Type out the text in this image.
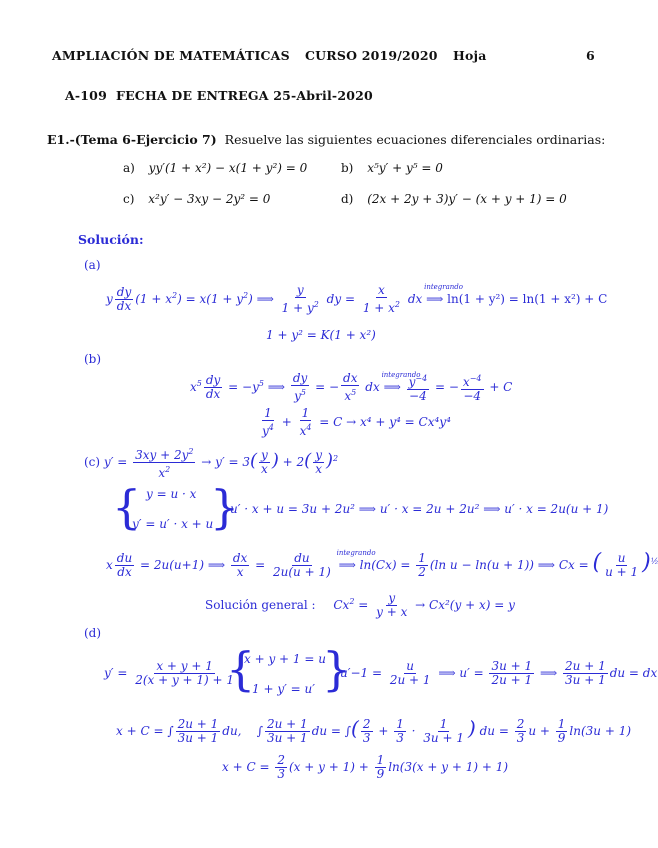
AMPLIACIÓN DE MATEMÁTICAS CURSO 2019/2020 Hoja	6
A-109 FECHA DE ENTREGA 25-Abril-2020
E1.-(Tema 6-Ejercicio 7) Resuelve las siguientes ecuaciones diferenciales ordinarias:
a) yy′(1 + x²) − x(1 + y²) = 0	b) x⁵y′ + y⁵ = 0
c) x²y′ − 3xy − 2y² = 0	d) (2x + 2y + 3)y′ − (x + y + 1) = 0
Solución:
(a)
y $\frac{dy}{dx} (1 + x^2) = x(1 + y^2)$ ⟹ $\frac{y}{1 + y^2}$ dy = $\frac{x}{1 + x^2}$ dx
integrando
⟹ ln(1 + y²) = ln(1 + x²) + C
1 + y² = K(1 + x²)
(b)
$x^5 \frac{dy}{dx} = -y^5$ ⟹ $\frac{dy}{y^5}$ = − $\frac{dx}{x^5}$ dx
integrando
⟹ $\frac{y^{-4}}{-4}$ = − $\frac{x^{-4}}{-4} + C$
$\frac{1}{y^4} + \frac{1}{x^4} = C \to x^4 + y^4 = Cx^4y^4$
(c) $y' = \frac{3xy + 2y^2}{x^2} \to y' = 3( \frac{y}{x}$ ) + $2( \frac{y}{x} )^2$
{ y = u · x
y′ = u′ · x + u
}
u′ · x + u = 3u + 2u² ⟹ u′ · x = 2u + 2u² ⟹ u′ · x = 2u(u + 1)
x $\frac{du}{dx} = 2u(u+1)$ ⟹ $\frac{dx}{x} = \frac{du}{2u(u + 1)}$
integrando
⟹ $\ln(Cx) = \frac{1}{2} (\ln$ u − ln(u + 1)) ⟹ Cx = ( $\frac{u}{u + 1} )^{\frac{1}{2}}$
Solución general : $Cx^2 = \frac{y}{y + x} \to Cx^2(y + x) = y$
(d)
$y' = \frac{x + y + 1}{2(x + y + 1) + 1}$
{
x + y + 1 = u
1 + y′ = u′ }
$u'-1 = \frac{u}{2u + 1}$ ⟹ $u' = \frac{3u + 1}{2u + 1}$ ⟹ $\frac{2u + 1}{3u + 1}$ du = dx
x + C = ∫ $\frac{2u + 1}{3u + 1}$ du,    ∫ $\frac{2u + 1}{3u + 1}$ du = ∫( $\frac{2}{3} + \frac{1}{3} \cdot \frac{1}{3u + 1}$ ) du = $\frac{2}{3}$ $u + \frac{1}{9} \ln(3u + 1)$
$x + C = \frac{2}{3} (x + y + 1) + \frac{1}{9} \ln(3(x + y + 1) + 1)$
